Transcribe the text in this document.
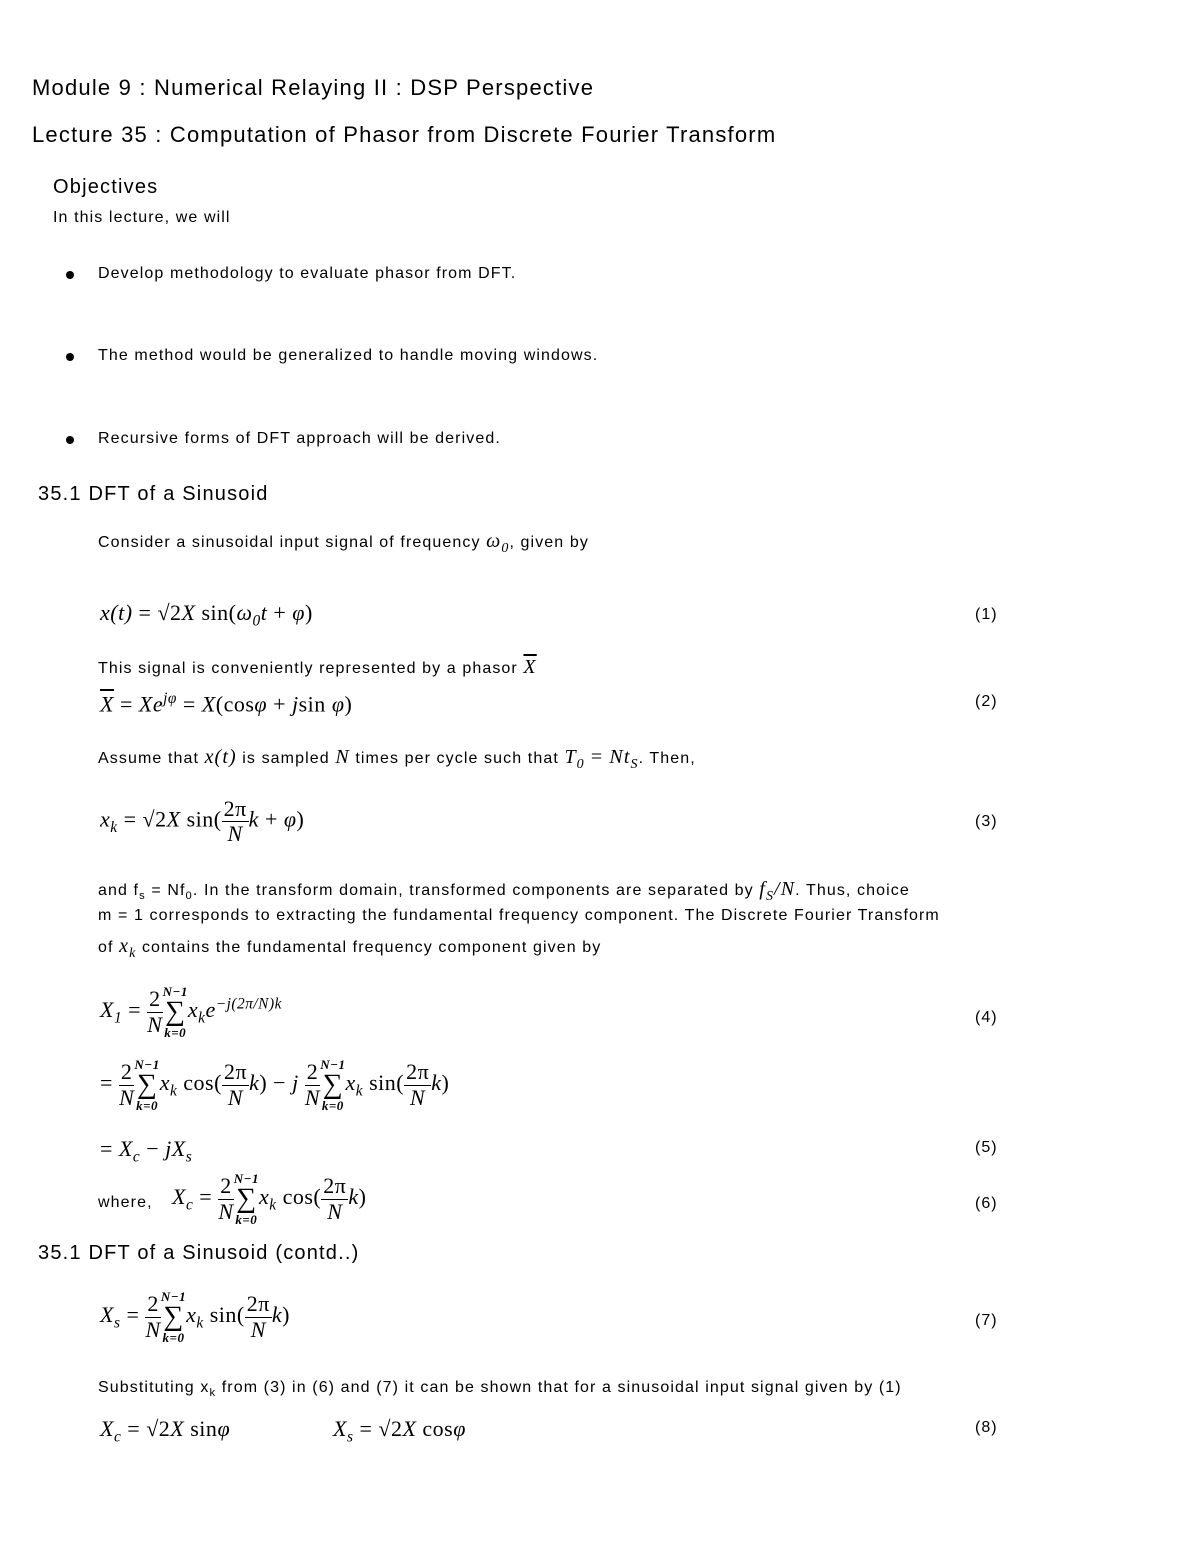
Module 9 : Numerical Relaying II : DSP Perspective
Lecture 35 : Computation of Phasor from Discrete Fourier Transform
Objectives
In this lecture, we will
Develop methodology to evaluate phasor from DFT.
The method would be generalized to handle moving windows.
Recursive forms of DFT approach will be derived.
35.1 DFT of a Sinusoid
Consider a sinusoidal input signal of frequency $\omega_0$, given by
x(t) = √2X $\sin(\omega_0t + \varphi)$	(1)
This signal is conveniently represented by a phasor $\overline{X}$
$\overline{X} = Xe^{j\varphi} = X(\cos\varphi + jsin$ φ)	(2)
Assume that x(t) is sampled N times per cycle such that $T_0 = Nt_S$. Then,
$x_k = √2X$ $\sin( \frac{2\pi}{N}$ k + φ)	(3)
and $f_s = Nf_0$. In the transform domain, transformed components are separated by $f_S/N$. Thus, choice
m = 1 corresponds to extracting the fundamental frequency component. The Discrete Fourier Transform
of $x_k$ contains the fundamental frequency component given by
$X_1 = \frac{2}{N} N-1$
∑
k=0
$x_ke^{-j(2\pi/N)k}$
(4)
= $\frac{2}{N} N-1$
∑
k=0
$x_k$ $\cos( \frac{2\pi}{N} k) - j \frac{2}{N} N-1$
∑
k=0
$x_k$ $\sin( \frac{2\pi}{N} k)$
= $X_c - jX_s$
(5)
where, $X_c = \frac{2}{N} N-1$
∑
k=0
$x_k$ $\cos( \frac{2\pi}{N} k)$	(6)
35.1 DFT of a Sinusoid (contd..)
$X_s = \frac{2}{N} N-1$
∑
k=0
$x_k$ $\sin( \frac{2\pi}{N} k)$	(7)
Substituting $x_k$ from (3) in (6) and (7) it can be shown that for a sinusoidal input signal given by (1)
$X_c = √2X$ sinφ	$X_s = √2X$ cosφ	(8)
